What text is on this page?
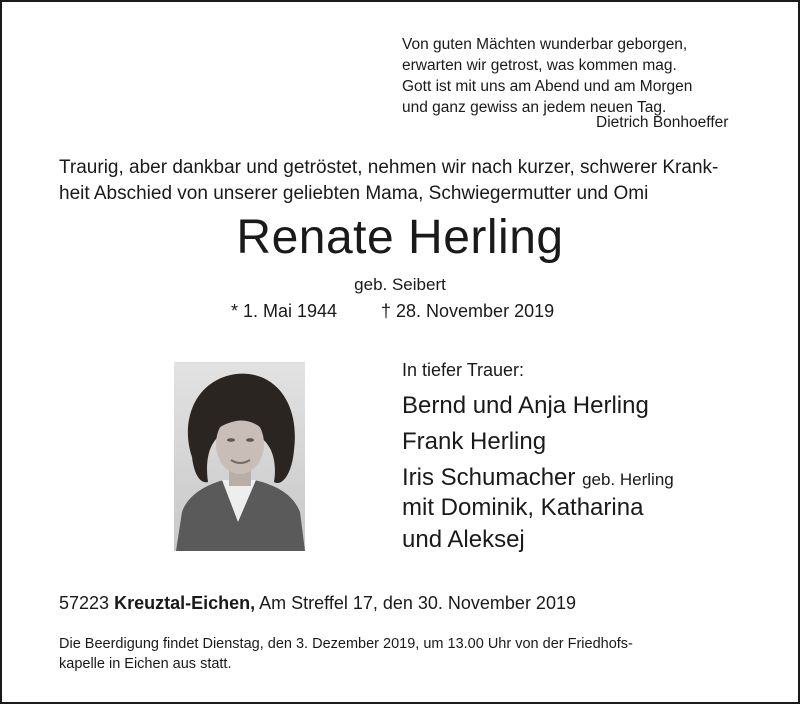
Von guten Mächten wunderbar geborgen,
erwarten wir getrost, was kommen mag.
Gott ist mit uns am Abend und am Morgen
und ganz gewiss an jedem neuen Tag.
Dietrich Bonhoeffer
Traurig, aber dankbar und getröstet, nehmen wir nach kurzer, schwerer Krank-
heit Abschied von unserer geliebten Mama, Schwiegermutter und Omi
Renate Herling
geb. Seibert
* 1. Mai 1944 † 28. November 2019
In tiefer Trauer:
Bernd und Anja Herling
Frank Herling
Iris Schumacher geb. Herling
mit Dominik, Katharina
und Aleksej
57223 Kreuztal-Eichen, Am Streffel 17, den 30. November 2019
Die Beerdigung findet Dienstag, den 3. Dezember 2019, um 13.00 Uhr von der Friedhofs-
kapelle in Eichen aus statt.
